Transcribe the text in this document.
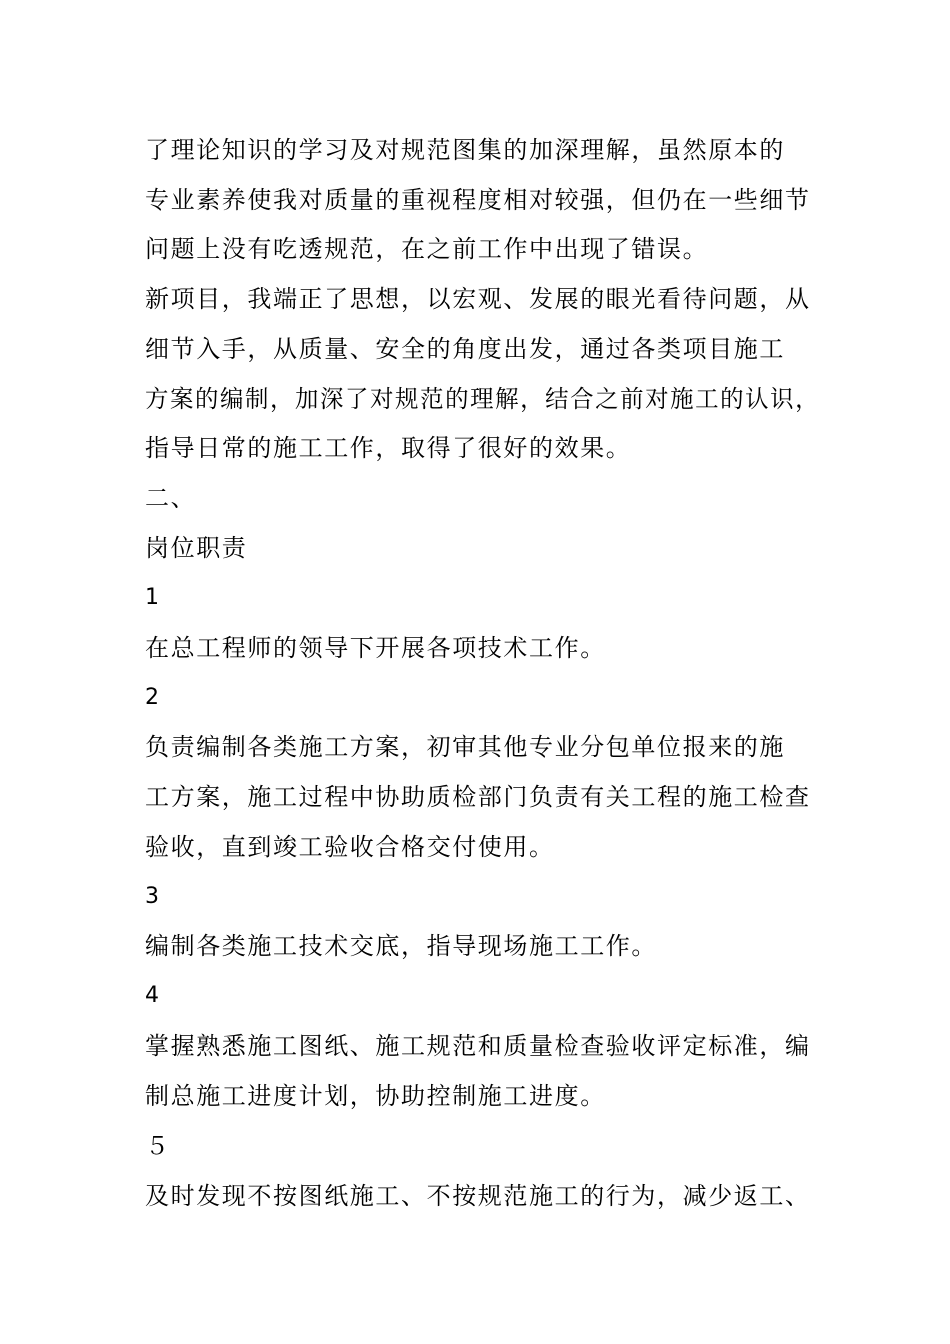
了理论知识的学习及对规范图集的加深理解，虽然原本的
专业素养使我对质量的重视程度相对较强，但仍在一些细节
问题上没有吃透规范，在之前工作中出现了错误。
新项目，我端正了思想，以宏观、发展的眼光看待问题，从
细节入手，从质量、安全的角度出发，通过各类项目施工
方案的编制，加深了对规范的理解，结合之前对施工的认识，
指导日常的施工工作，取得了很好的效果。
二、
岗位职责
1
在总工程师的领导下开展各项技术工作。
2
负责编制各类施工方案，初审其他专业分包单位报来的施
工方案，施工过程中协助质检部门负责有关工程的施工检查
验收，直到竣工验收合格交付使用。
3
编制各类施工技术交底，指导现场施工工作。
4
掌握熟悉施工图纸、施工规范和质量检查验收评定标准，编
制总施工进度计划，协助控制施工进度。
５
及时发现不按图纸施工、不按规范施工的行为，减少返工、
